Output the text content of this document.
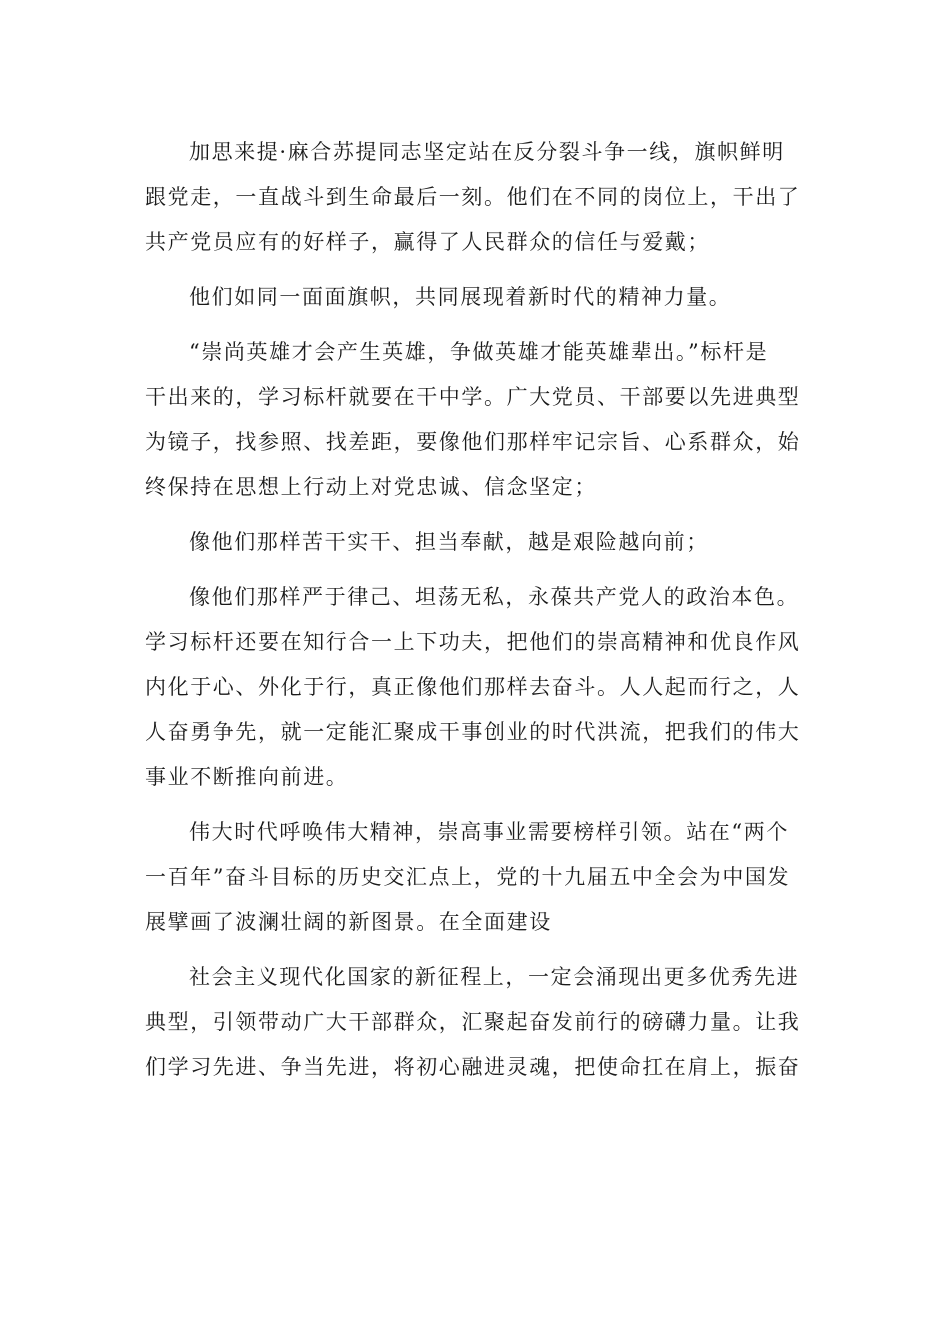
加思来提·麻合苏提同志坚定站在反分裂斗争一线，旗帜鲜明
跟党走，一直战斗到生命最后一刻。他们在不同的岗位上，干出了
共产党员应有的好样子，赢得了人民群众的信任与爱戴；

他们如同一面面旗帜，共同展现着新时代的精神力量。

“崇尚英雄才会产生英雄，争做英雄才能英雄辈出。”标杆是
干出来的，学习标杆就要在干中学。广大党员、干部要以先进典型
为镜子，找参照、找差距，要像他们那样牢记宗旨、心系群众，始
终保持在思想上行动上对党忠诚、信念坚定；

像他们那样苦干实干、担当奉献，越是艰险越向前；

像他们那样严于律己、坦荡无私，永葆共产党人的政治本色。
学习标杆还要在知行合一上下功夫，把他们的崇高精神和优良作风
内化于心、外化于行，真正像他们那样去奋斗。人人起而行之，人
人奋勇争先，就一定能汇聚成干事创业的时代洪流，把我们的伟大
事业不断推向前进。

伟大时代呼唤伟大精神，崇高事业需要榜样引领。站在“两个
一百年”奋斗目标的历史交汇点上，党的十九届五中全会为中国发
展擘画了波澜壮阔的新图景。在全面建设

社会主义现代化国家的新征程上，一定会涌现出更多优秀先进
典型，引领带动广大干部群众，汇聚起奋发前行的磅礴力量。让我
们学习先进、争当先进，将初心融进灵魂，把使命扛在肩上，振奋
